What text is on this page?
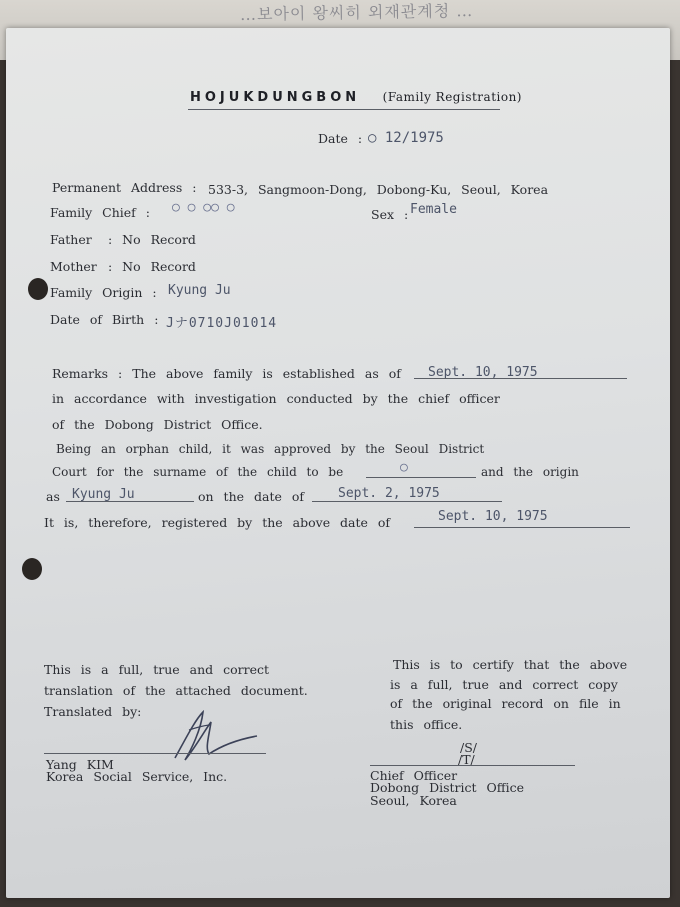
…보아이 왕씨히 외재관계청 …
HOJUKDUNGBON (Family Registration)
Date : ○ 12/1975
Permanent Address : 533-3, Sangmoon-Dong, Dobong-Ku, Seoul, Korea
Family Chief : ○ ○ ○○ ○	Sex : Female
Father : No Record
Mother : No Record
Family Origin : Kyung Ju
Date of Birth : Jナ0710J01014
Remarks : The above family is established as of Sept. 10, 1975
in accordance with investigation conducted by the chief officer
of the Dobong District Office.
Being an orphan child, it was approved by the Seoul District
Court for the surname of the child to be	○	and the origin
as Kyung Ju	on the date of	Sept. 2, 1975
It is, therefore, registered by the above date of	Sept. 10, 1975
This is a full, true and correct
translation of the attached document.
Translated by:
Yang KIM
Korea Social Service, Inc.
This is to certify that the above
is a full, true and correct copy
of the original record on file in
this office.
/S/
/T/
Chief Officer
Dobong District Office
Seoul, Korea
